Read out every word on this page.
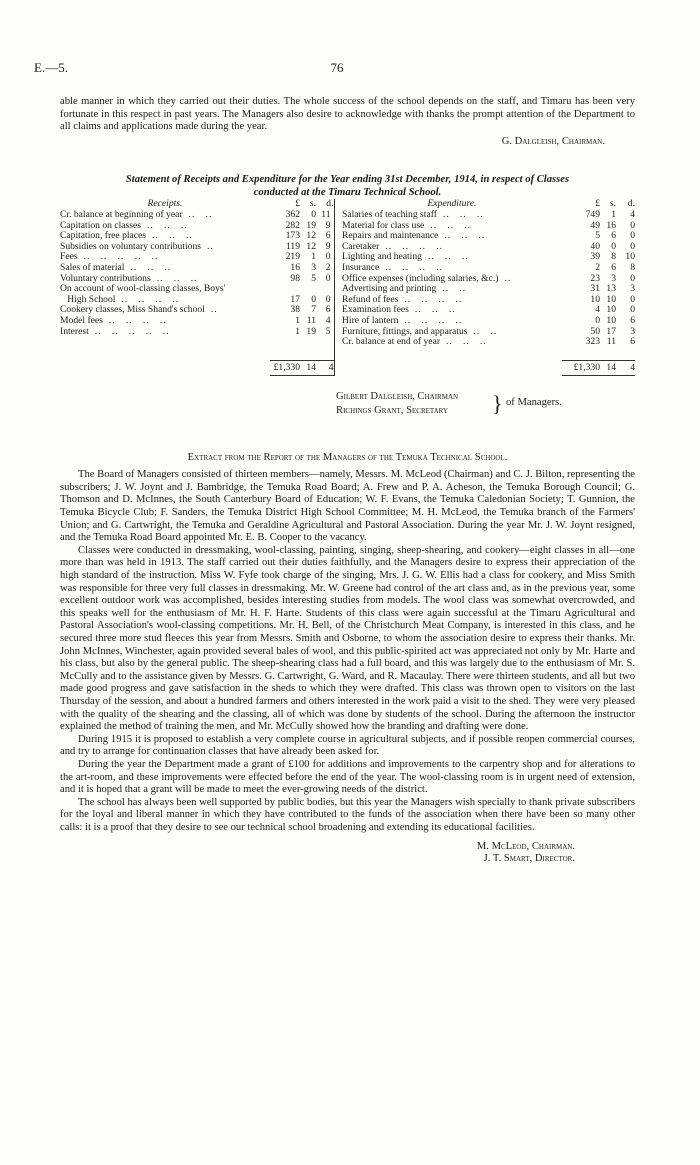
E.—5.	76

able manner in which they carried out their duties. The whole success of the school depends on the staff, and Timaru has been very fortunate in this respect in past years. The Managers also desire to acknowledge with thanks the prompt attention of the Department to all claims and applications made during the year.

G. Dalgleish, Chairman.

Statement of Receipts and Expenditure for the Year ending 31st December, 1914, in respect of Classes

conducted at the Timaru Technical School.

Receipts.	£	s.	d.		Expenditure.	£	s.	d.
Cr. balance at beginning of year ..   ..	362	0	11		Salaries of teaching staff ..   ..   ..	749	1	4
Capitation on classes ..   ..   ..	282	19	9		Material for class use ..   ..   ..	49	16	0
Capitation, free places ..   ..   ..	173	12	6		Repairs and maintenance ..   ..   ..	5	6	0
Subsidies on voluntary contributions ..	119	12	9		Caretaker ..   ..   ..   ..	40	0	0
Fees ..   ..   ..   ..   ..	219	1	0		Lighting and heating ..   ..   ..	39	8	10
Sales of material ..   ..   ..	16	3	2		Insurance ..   ..   ..   ..	2	6	8
Voluntary contributions ..   ..   ..	98	5	0		Office expenses (including salaries, &c.) ..	23	3	0
On account of wool-classing classes, Boys'					Advertising and printing ..   ..	31	13	3
High School ..   ..   ..   ..	17	0	0		Refund of fees ..   ..   ..   ..	10	10	0
Cookery classes, Miss Shand's school ..	38	7	6		Examination fees ..   ..   ..	4	10	0
Model fees ..   ..   ..   ..	1	11	4		Hire of lantern ..   ..   ..   ..	0	10	6
Interest ..   ..   ..   ..   ..	1	19	5		Furniture, fittings, and apparatus ..   ..	50	17	3
					Cr. balance at end of year ..   ..   ..	323	11	6

	£1,330	14	4			£1,330	14	4
Gilbert Dalgleish, Chairman
Richings Grant, Secretary } of Managers.

Extract from the Report of the Managers of the Temuka Technical School.

The Board of Managers consisted of thirteen members—namely, Messrs. M. McLeod (Chairman) and C. J. Bilton, representing the subscribers; J. W. Joynt and J. Bambridge, the Temuka Road Board; A. Frew and P. A. Acheson, the Temuka Borough Council; G. Thomson and D. McInnes, the South Canterbury Board of Education; W. F. Evans, the Temuka Caledonian Society; T. Gunnion, the Temuka Bicycle Club; F. Sanders, the Temuka District High School Committee; M. H. McLeod, the Temuka branch of the Farmers' Union; and G. Cartwright, the Temuka and Geraldine Agricultural and Pastoral Association. During the year Mr. J. W. Joynt resigned, and the Temuka Road Board appointed Mr. E. B. Cooper to the vacancy.

Classes were conducted in dressmaking, wool-classing, painting, singing, sheep-shearing, and cookery—eight classes in all—one more than was held in 1913. The staff carried out their duties faithfully, and the Managers desire to express their appreciation of the high standard of the instruction. Miss W. Fyfe took charge of the singing, Mrs. J. G. W. Ellis had a class for cookery, and Miss Smith was responsible for three very full classes in dressmaking. Mr. W. Greene had control of the art class and, as in the previous year, some excellent outdoor work was accomplished, besides interesting studies from models. The wool class was somewhat overcrowded, and this speaks well for the enthusiasm of Mr. H. F. Harte. Students of this class were again successful at the Timaru Agricultural and Pastoral Association's wool-classing competitions. Mr. H. Bell, of the Christchurch Meat Company, is interested in this class, and he secured three more stud fleeces this year from Messrs. Smith and Osborne, to whom the association desire to express their thanks. Mr. John McInnes, Winchester, again provided several bales of wool, and this public-spirited act was appreciated not only by Mr. Harte and his class, but also by the general public. The sheep-shearing class had a full board, and this was largely due to the enthusiasm of Mr. S. McCully and to the assistance given by Messrs. G. Cartwright, G. Ward, and R. Macaulay. There were thirteen students, and all but two made good progress and gave satisfaction in the sheds to which they were drafted. This class was thrown open to visitors on the last Thursday of the session, and about a hundred farmers and others interested in the work paid a visit to the shed. They were very pleased with the quality of the shearing and the classing, all of which was done by students of the school. During the afternoon the instructor explained the method of training the men, and Mr. McCully showed how the branding and drafting were done.

During 1915 it is proposed to establish a very complete course in agricultural subjects, and if possible reopen commercial courses, and try to arrange for continuation classes that have already been asked for.

During the year the Department made a grant of £100 for additions and improvements to the carpentry shop and for alterations to the art-room, and these improvements were effected before the end of the year. The wool-classing room is in urgent need of extension, and it is hoped that a grant will be made to meet the ever-growing needs of the district.

The school has always been well supported by public bodies, but this year the Managers wish specially to thank private subscribers for the loyal and liberal manner in which they have contributed to the funds of the association when there have been so many other calls: it is a proof that they desire to see our technical school broadening and extending its educational facilities.

M. McLeod, Chairman.
J. T. Smart, Director.
